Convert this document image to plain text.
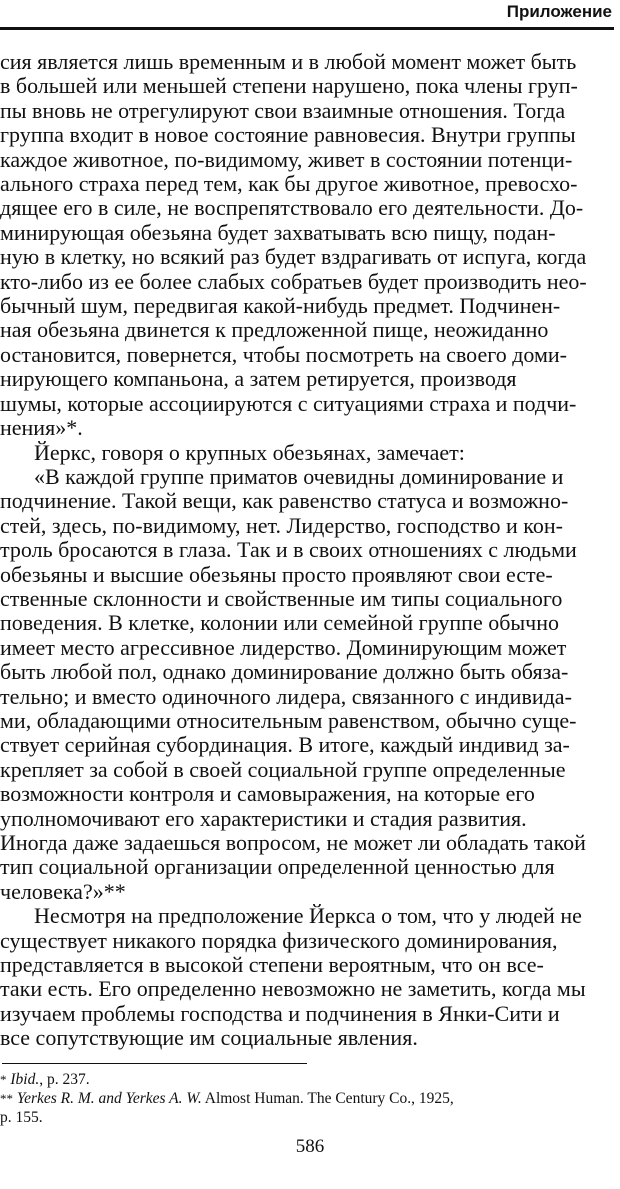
Приложение
сия является лишь временным и в любой момент может быть
в большей или меньшей степени нарушено, пока члены груп-
пы вновь не отрегулируют свои взаимные отношения. Тогда
группа входит в новое состояние равновесия. Внутри группы
каждое животное, по-видимому, живет в состоянии потенци-
ального страха перед тем, как бы другое животное, превосхо-
дящее его в силе, не воспрепятствовало его деятельности. До-
минирующая обезьяна будет захватывать всю пищу, подан-
ную в клетку, но всякий раз будет вздрагивать от испуга, когда
кто-либо из ее более слабых собратьев будет производить нео-
бычный шум, передвигая какой-нибудь предмет. Подчинен-
ная обезьяна двинется к предложенной пище, неожиданно
остановится, повернется, чтобы посмотреть на своего доми-
нирующего компаньона, а затем ретируется, производя
шумы, которые ассоциируются с ситуациями страха и подчи-
нения»*.
Йеркс, говоря о крупных обезьянах, замечает:
«В каждой группе приматов очевидны доминирование и
подчинение. Такой вещи, как равенство статуса и возможно-
стей, здесь, по-видимому, нет. Лидерство, господство и кон-
троль бросаются в глаза. Так и в своих отношениях с людьми
обезьяны и высшие обезьяны просто проявляют свои есте-
ственные склонности и свойственные им типы социального
поведения. В клетке, колонии или семейной группе обычно
имеет место агрессивное лидерство. Доминирующим может
быть любой пол, однако доминирование должно быть обяза-
тельно; и вместо одиночного лидера, связанного с индивида-
ми, обладающими относительным равенством, обычно суще-
ствует серийная субординация. В итоге, каждый индивид за-
крепляет за собой в своей социальной группе определенные
возможности контроля и самовыражения, на которые его
уполномочивают его характеристики и стадия развития.
Иногда даже задаешься вопросом, не может ли обладать такой
тип социальной организации определенной ценностью для
человека?»**
Несмотря на предположение Йеркса о том, что у людей не
существует никакого порядка физического доминирования,
представляется в высокой степени вероятным, что он все-
таки есть. Его определенно невозможно не заметить, когда мы
изучаем проблемы господства и подчинения в Янки-Сити и
все сопутствующие им социальные явления.
* Ibid., p. 237.
** Yerkes R. M. and Yerkes A. W. Almost Human. The Century Co., 1925,
p. 155.
586
